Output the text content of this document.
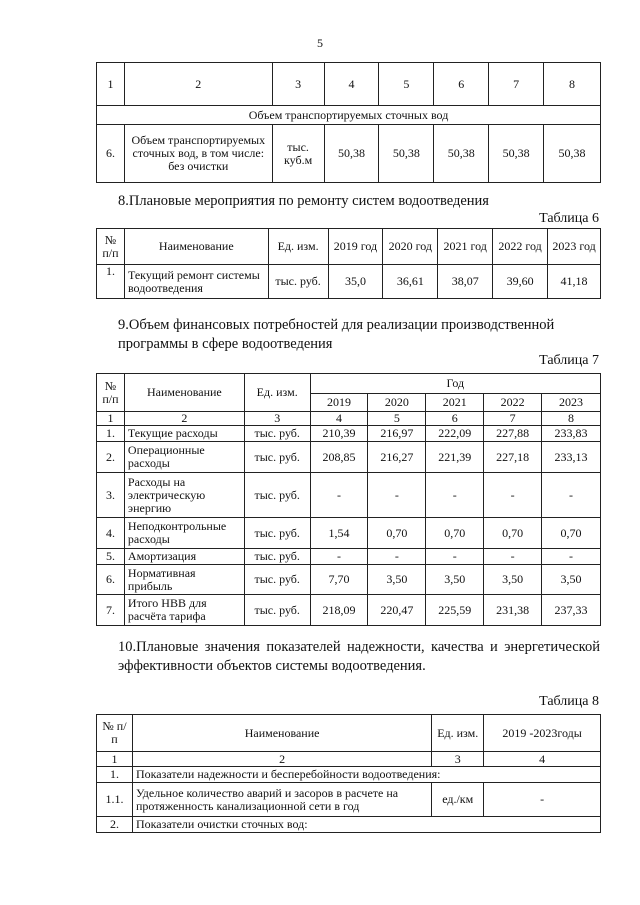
5
1	2	3	4	5	6	7	8
Объем транспортируемых сточных вод							
6.	Объем транспортируемых сточных вод, в том числе: без очистки	тыс. куб.м	50,38	50,38	50,38	50,38	50,38
8.Плановые мероприятия по ремонту систем водоотведения
Таблица 6
№ п/п	Наименование	Ед. изм.	2019 год	2020 год	2021 год	2022 год	2023 год
1.	Текущий ремонт системы водоотведения	тыс. руб.	35,0	36,61	38,07	39,60	41,18
9.Объем финансовых потребностей для реализации производственной программы в сфере водоотведения
Таблица 7
№ п/п	Наименование	Ед. изм.	Год				
			2019	2020	2021	2022	2023
1	2	3	4	5	6	7	8
1.	Текущие расходы	тыс. руб.	210,39	216,97	222,09	227,88	233,83
2.	Операционные расходы	тыс. руб.	208,85	216,27	221,39	227,18	233,13
3.	Расходы на электрическую энергию	тыс. руб.	-	-	-	-	-
4.	Неподконтрольные расходы	тыс. руб.	1,54	0,70	0,70	0,70	0,70
5.	Амортизация	тыс. руб.	-	-	-	-	-
6.	Нормативная прибыль	тыс. руб.	7,70	3,50	3,50	3,50	3,50
7.	Итого НВВ для расчёта тарифа	тыс. руб.	218,09	220,47	225,59	231,38	237,33
10.Плановые значения показателей надежности, качества и энергетической эффективности объектов системы водоотведения.
Таблица 8
№ п/п	Наименование	Ед. изм.	2019 -2023годы
1	2	3	4
1.	Показатели надежности и бесперебойности водоотведения:		
1.1.	Удельное количество аварий и засоров в расчете на протяженность канализационной сети в год	ед./км	-
2.	Показатели очистки сточных вод:		
